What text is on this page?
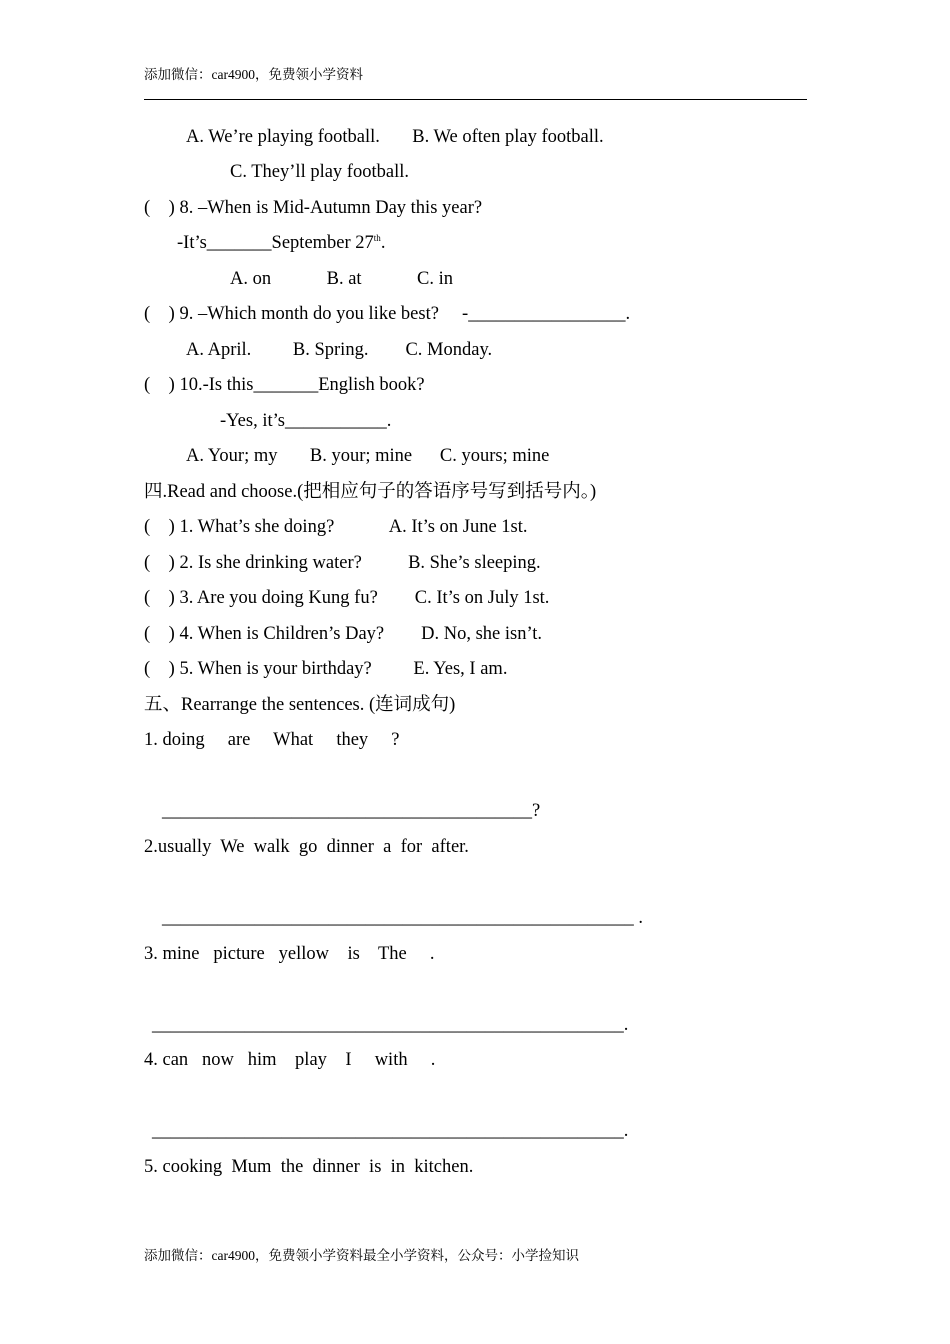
添加微信：car4900，免费领小学资料
A. We’re playing football.       B. We often play football.
C. They’ll play football.
(    ) 8. –When is Mid-Autumn Day this year?
-It’s_______September 27th.
A. on            B. at            C. in
(    ) 9. –Which month do you like best?     -_________________.
A. April.         B. Spring.        C. Monday.
(    ) 10.-Is this_______English book?
-Yes, it’s___________.
A. Your; my       B. your; mine      C. yours; mine
四.Read and choose.(把相应句子的答语序号写到括号内。)
(    ) 1. What’s she doing?            A. It’s on June 1st.
(    ) 2. Is she drinking water?          B. She’s sleeping.
(    ) 3. Are you doing Kung fu?        C. It’s on July 1st.
(    ) 4. When is Children’s Day?        D. No, she isn’t.
(    ) 5. When is your birthday?         E. Yes, I am.
五、Rearrange the sentences. (连词成句)
1. doing     are     What     they     ?
________________________________________?
2.usually  We  walk  go  dinner  a  for  after.
___________________________________________________ .
3. mine   picture   yellow    is    The     .
___________________________________________________.
4. can   now   him    play    I     with     .
___________________________________________________.
5. cooking  Mum  the  dinner  is  in  kitchen.
添加微信：car4900，免费领小学资料最全小学资料，公众号：小学捡知识
